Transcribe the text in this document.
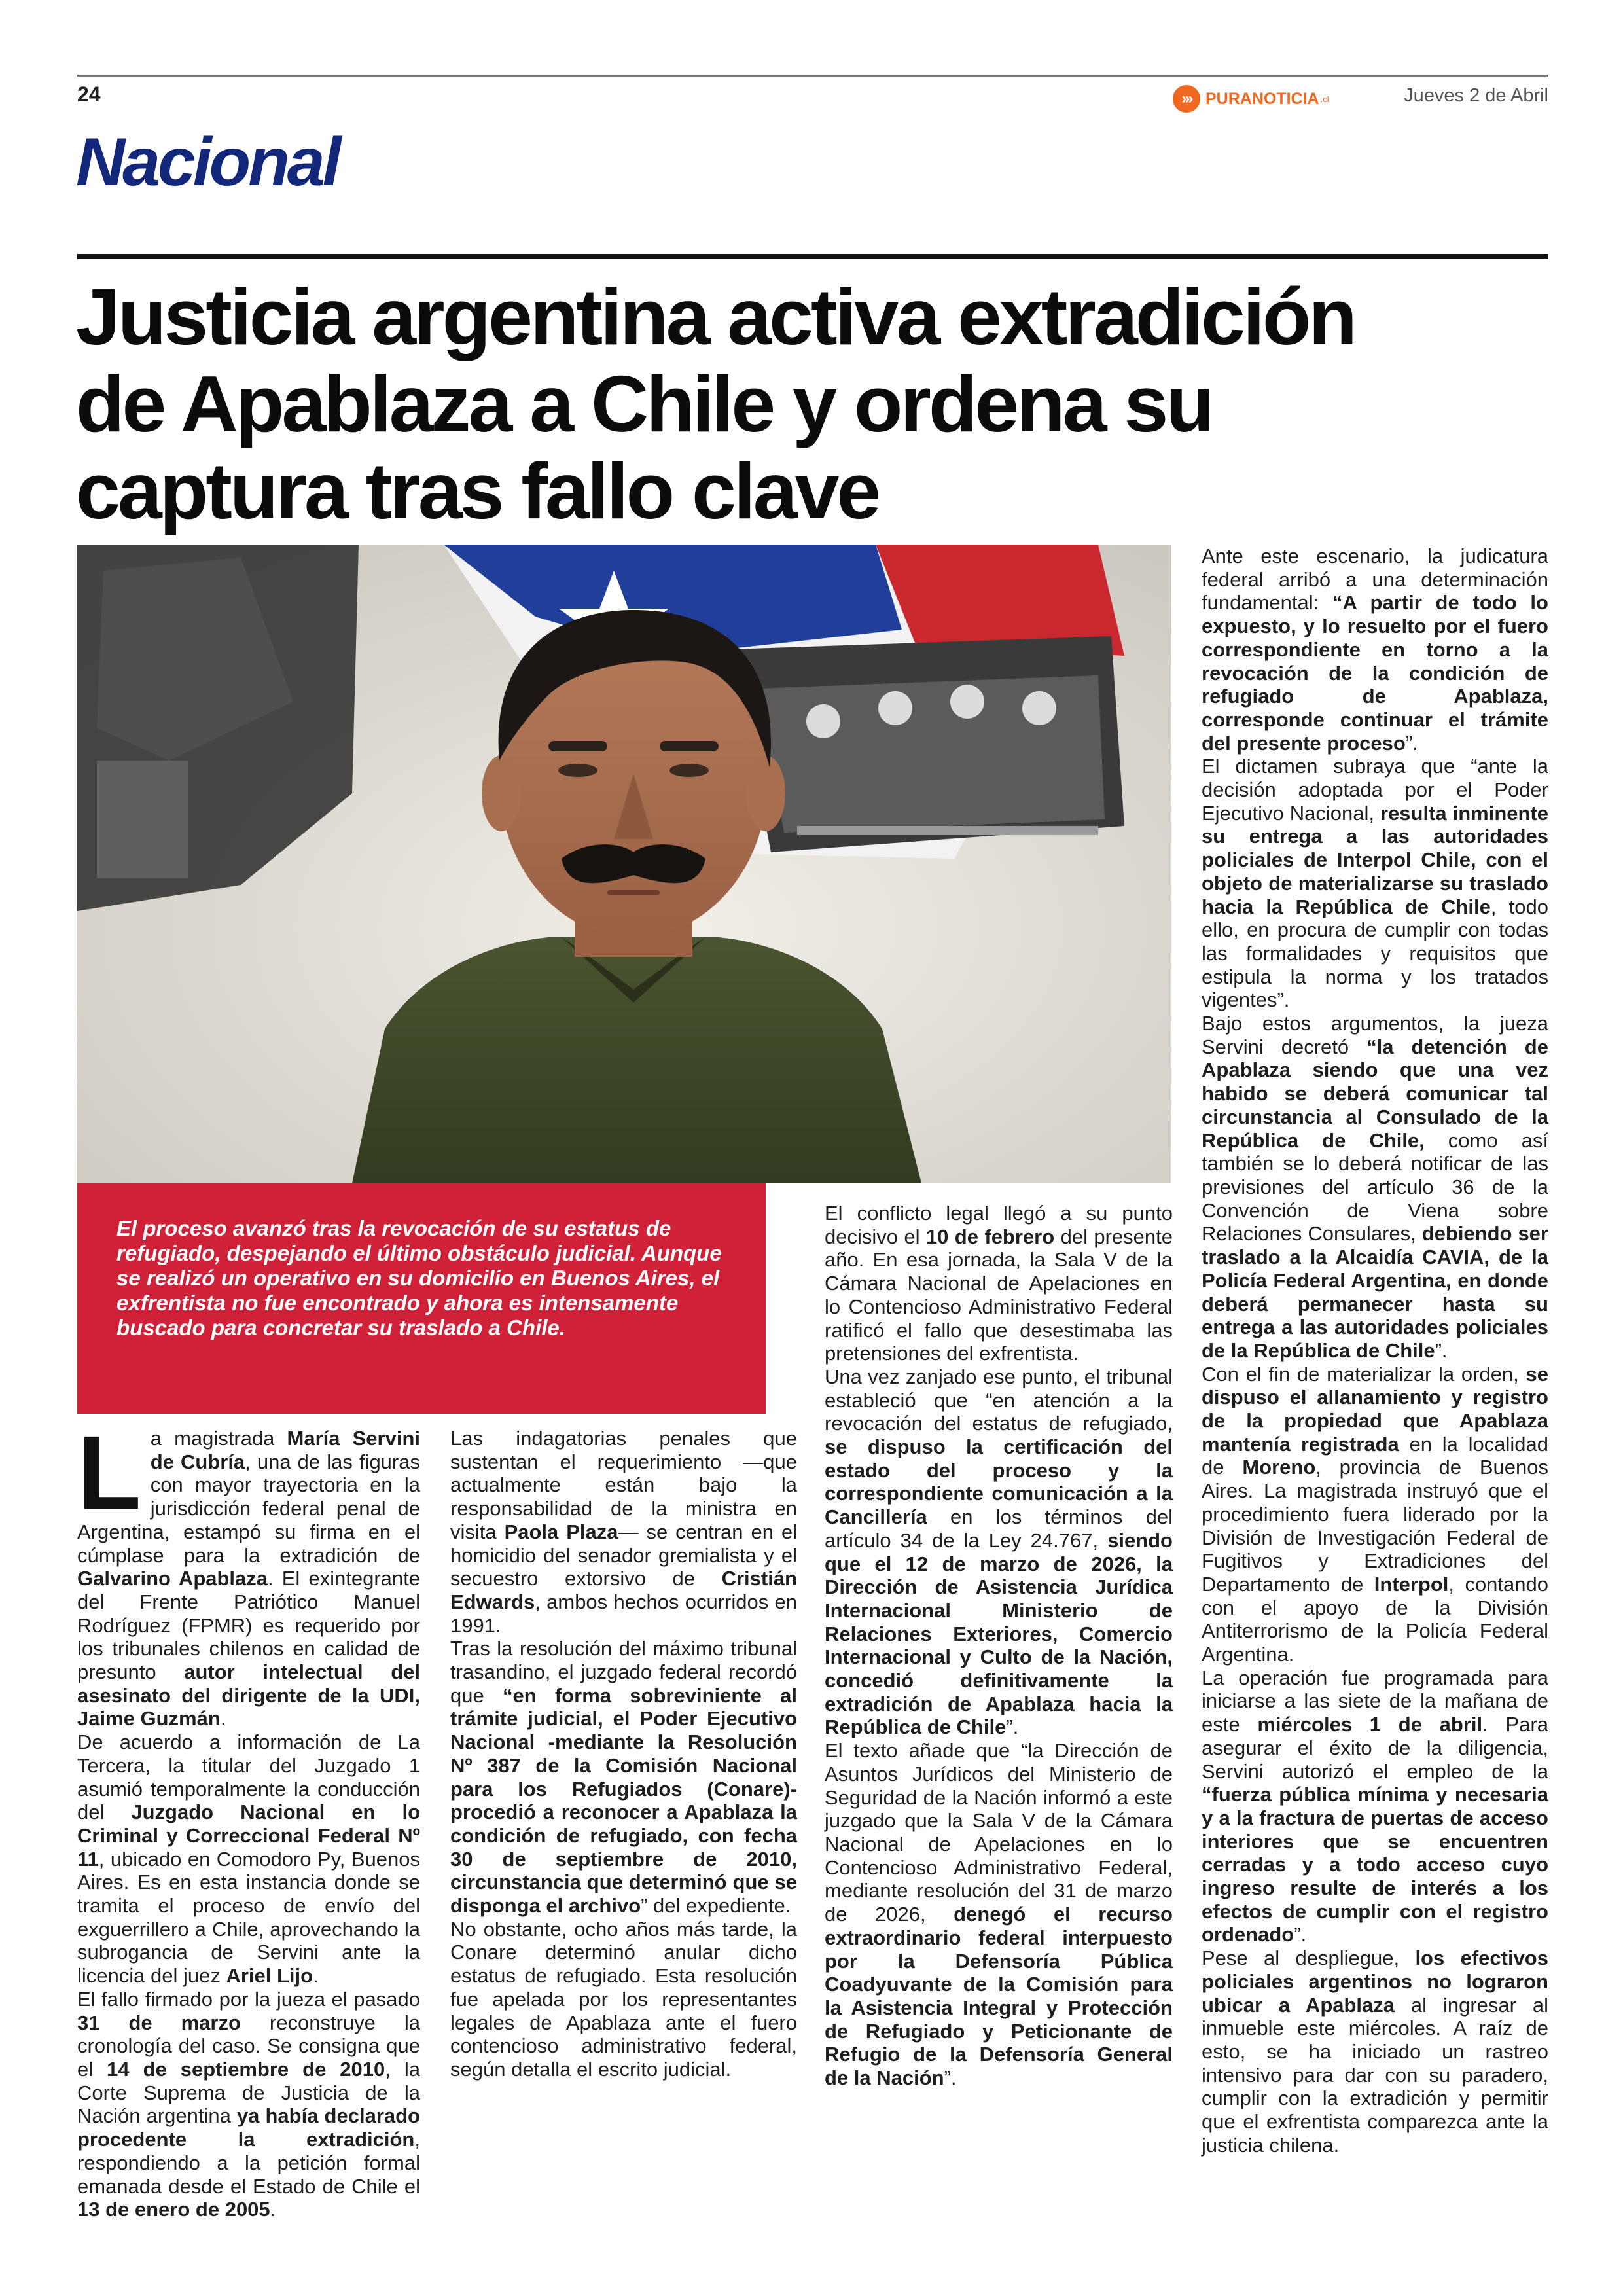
24	››› PURANOTICIA .cl	Jueves 2 de Abril
Nacional
Justicia argentina activa extradición
de Apablaza a Chile y ordena su
captura tras fallo clave
El proceso avanzó tras la revocación de su estatus de refugiado, despejando el último obstáculo judicial. Aunque se realizó un operativo en su domicilio en Buenos Aires, el exfrentista no fue encontrado y ahora es intensamente buscado para concretar su traslado a Chile.
L a magistrada María Servini de Cubría, una de las figuras con mayor trayectoria en la jurisdicción federal penal de Argentina, estampó su firma en el cúmplase para la extradición de Galvarino Apablaza. El exintegrante del Frente Patriótico Manuel Rodríguez (FPMR) es requerido por los tribunales chilenos en calidad de presunto autor intelectual del asesinato del dirigente de la UDI, Jaime Guzmán.

De acuerdo a información de La Tercera, la titular del Juzgado 1 asumió temporalmente la conducción del Juzgado Nacional en lo Criminal y Correccional Federal Nº 11, ubicado en Comodoro Py, Buenos Aires. Es en esta instancia donde se tramita el proceso de envío del exguerrillero a Chile, aprovechando la subrogancia de Servini ante la licencia del juez Ariel Lijo.

El fallo firmado por la jueza el pasado 31 de marzo reconstruye la cronología del caso. Se consigna que el 14 de septiembre de 2010, la Corte Suprema de Justicia de la Nación argentina ya había declarado procedente la extradición, respondiendo a la petición formal emanada desde el Estado de Chile el 13 de enero de 2005.

Las indagatorias penales que sustentan el requerimiento —que actualmente están bajo la responsabilidad de la ministra en visita Paola Plaza— se centran en el homicidio del senador gremialista y el secuestro extorsivo de Cristián Edwards, ambos hechos ocurridos en 1991.

Tras la resolución del máximo tribunal trasandino, el juzgado federal recordó que “en forma sobreviniente al trámite judicial, el Poder Ejecutivo Nacional -mediante la Resolución Nº 387 de la Comisión Nacional para los Refugiados (Conare)- procedió a reconocer a Apablaza la condición de refugiado, con fecha 30 de septiembre de 2010, circunstancia que determinó que se disponga el archivo” del expediente.

No obstante, ocho años más tarde, la Conare determinó anular dicho estatus de refugiado. Esta resolución fue apelada por los representantes legales de Apablaza ante el fuero contencioso administrativo federal, según detalla el escrito judicial.

El conflicto legal llegó a su punto decisivo el 10 de febrero del presente año. En esa jornada, la Sala V de la Cámara Nacional de Apelaciones en lo Contencioso Administrativo Federal ratificó el fallo que desestimaba las pretensiones del exfrentista.

Una vez zanjado ese punto, el tribunal estableció que “en atención a la revocación del estatus de refugiado, se dispuso la certificación del estado del proceso y la correspondiente comunicación a la Cancillería en los términos del artículo 34 de la Ley 24.767, siendo que el 12 de marzo de 2026, la Dirección de Asistencia Jurídica Internacional Ministerio de Relaciones Exteriores, Comercio Internacional y Culto de la Nación, concedió definitivamente la extradición de Apablaza hacia la República de Chile”.

El texto añade que “la Dirección de Asuntos Jurídicos del Ministerio de Seguridad de la Nación informó a este juzgado que la Sala V de la Cámara Nacional de Apelaciones en lo Contencioso Administrativo Federal, mediante resolución del 31 de marzo de 2026, denegó el recurso extraordinario federal interpuesto por la Defensoría Pública Coadyuvante de la Comisión para la Asistencia Integral y Protección de Refugiado y Peticionante de Refugio de la Defensoría General de la Nación”.

Ante este escenario, la judicatura federal arribó a una determinación fundamental: “A partir de todo lo expuesto, y lo resuelto por el fuero correspondiente en torno a la revocación de la condición de refugiado de Apablaza, corresponde continuar el trámite del presente proceso”.

El dictamen subraya que “ante la decisión adoptada por el Poder Ejecutivo Nacional, resulta inminente su entrega a las autoridades policiales de Interpol Chile, con el objeto de materializarse su traslado hacia la República de Chile, todo ello, en procura de cumplir con todas las formalidades y requisitos que estipula la norma y los tratados vigentes”.

Bajo estos argumentos, la jueza Servini decretó “la detención de Apablaza siendo que una vez habido se deberá comunicar tal circunstancia al Consulado de la República de Chile, como así también se lo deberá notificar de las previsiones del artículo 36 de la Convención de Viena sobre Relaciones Consulares, debiendo ser traslado a la Alcaidía CAVIA, de la Policía Federal Argentina, en donde deberá permanecer hasta su entrega a las autoridades policiales de la República de Chile”.

Con el fin de materializar la orden, se dispuso el allanamiento y registro de la propiedad que Apablaza mantenía registrada en la localidad de Moreno, provincia de Buenos Aires. La magistrada instruyó que el procedimiento fuera liderado por la División de Investigación Federal de Fugitivos y Extradiciones del Departamento de Interpol, contando con el apoyo de la División Antiterrorismo de la Policía Federal Argentina.

La operación fue programada para iniciarse a las siete de la mañana de este miércoles 1 de abril. Para asegurar el éxito de la diligencia, Servini autorizó el empleo de la “fuerza pública mínima y necesaria y a la fractura de puertas de acceso interiores que se encuentren cerradas y a todo acceso cuyo ingreso resulte de interés a los efectos de cumplir con el registro ordenado”.

Pese al despliegue, los efectivos policiales argentinos no lograron ubicar a Apablaza al ingresar al inmueble este miércoles. A raíz de esto, se ha iniciado un rastreo intensivo para dar con su paradero, cumplir con la extradición y permitir que el exfrentista comparezca ante la justicia chilena.
